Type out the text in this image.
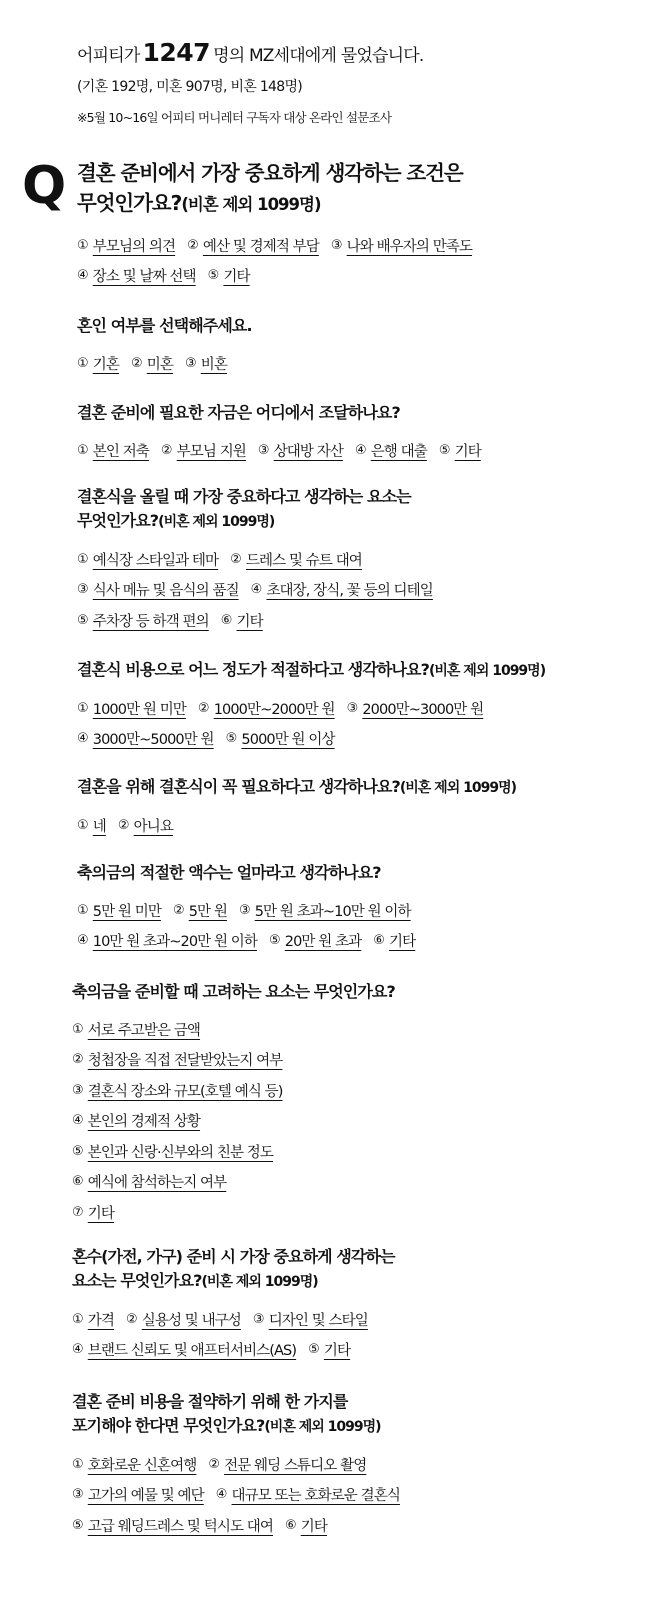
어피티가 1247 명의 MZ세대에게 물었습니다.
(기혼 192명, 미혼 907명, 비혼 148명)
※5월 10~16일 어피티 머니레터 구독자 대상 온라인 설문조사
Q 결혼 준비에서 가장 중요하게 생각하는 조건은
무엇인가요?(비혼 제외 1099명)
① 부모님의 의견 ② 예산 및 경제적 부담 ③ 나와 배우자의 만족도
④ 장소 및 날짜 선택 ⑤ 기타
혼인 여부를 선택해주세요.
① 기혼 ② 미혼 ③ 비혼
결혼 준비에 필요한 자금은 어디에서 조달하나요?
① 본인 저축 ② 부모님 지원 ③ 상대방 자산 ④ 은행 대출 ⑤ 기타
결혼식을 올릴 때 가장 중요하다고 생각하는 요소는
무엇인가요?(비혼 제외 1099명)
① 예식장 스타일과 테마 ② 드레스 및 슈트 대여
③ 식사 메뉴 및 음식의 품질 ④ 초대장, 장식, 꽃 등의 디테일
⑤ 주차장 등 하객 편의 ⑥ 기타
결혼식 비용으로 어느 정도가 적절하다고 생각하나요?(비혼 제외 1099명)
① 1000만 원 미만 ② 1000만~2000만 원 ③ 2000만~3000만 원
④ 3000만~5000만 원 ⑤ 5000만 원 이상
결혼을 위해 결혼식이 꼭 필요하다고 생각하나요?(비혼 제외 1099명)
① 네 ② 아니요
축의금의 적절한 액수는 얼마라고 생각하나요?
① 5만 원 미만 ② 5만 원 ③ 5만 원 초과~10만 원 이하
④ 10만 원 초과~20만 원 이하 ⑤ 20만 원 초과 ⑥ 기타
축의금을 준비할 때 고려하는 요소는 무엇인가요?
① 서로 주고받은 금액
② 청첩장을 직접 전달받았는지 여부
③ 결혼식 장소와 규모(호텔 예식 등)
④ 본인의 경제적 상황
⑤ 본인과 신랑·신부와의 친분 정도
⑥ 예식에 참석하는지 여부
⑦ 기타
혼수(가전, 가구) 준비 시 가장 중요하게 생각하는
요소는 무엇인가요?(비혼 제외 1099명)
① 가격 ② 실용성 및 내구성 ③ 디자인 및 스타일
④ 브랜드 신뢰도 및 애프터서비스(AS) ⑤ 기타
결혼 준비 비용을 절약하기 위해 한 가지를
포기해야 한다면 무엇인가요?(비혼 제외 1099명)
① 호화로운 신혼여행 ② 전문 웨딩 스튜디오 촬영
③ 고가의 예물 및 예단 ④ 대규모 또는 호화로운 결혼식
⑤ 고급 웨딩드레스 및 턱시도 대여 ⑥ 기타
